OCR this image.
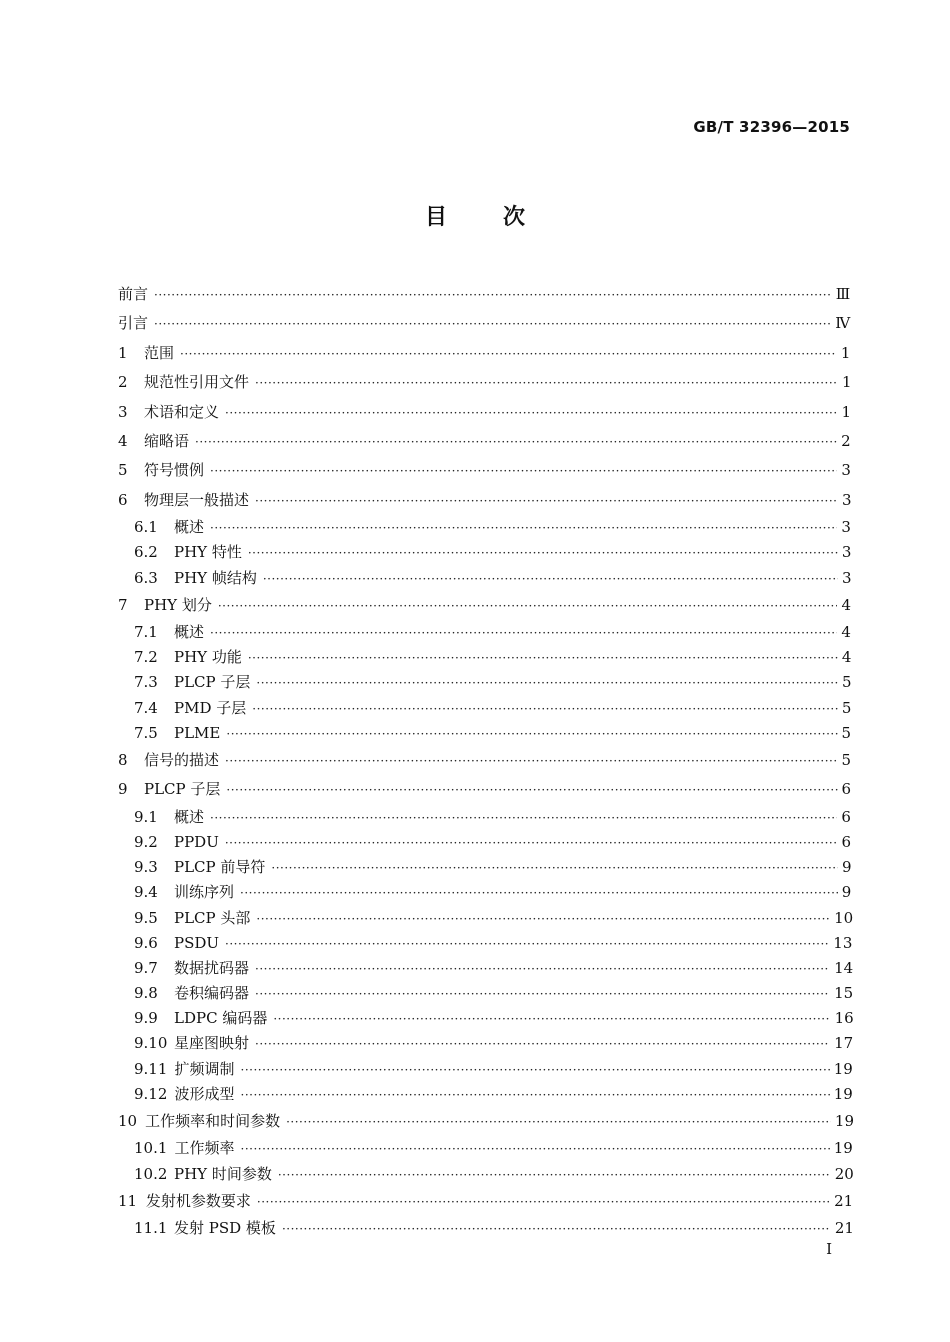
GB/T 32396—2015
目次
前言 ·····	Ⅲ
引言 ·····	Ⅳ
1 范围 ·····	1
2 规范性引用文件 ·····	1
3 术语和定义 ·····	1
4 缩略语 ·····	2
5 符号惯例 ·····	3
6 物理层一般描述 ·····	3
6.1 概述 ·····	3
6.2 PHY 特性 ·····	3
6.3 PHY 帧结构 ·····	3
7 PHY 划分 ·····	4
7.1 概述 ·····	4
7.2 PHY 功能 ·····	4
7.3 PLCP 子层 ·····	5
7.4 PMD 子层 ·····	5
7.5 PLME ·····	5
8 信号的描述 ·····	5
9 PLCP 子层 ·····	6
9.1 概述 ·····	6
9.2 PPDU ·····	6
9.3 PLCP 前导符 ·····	9
9.4 训练序列 ·····	9
9.5 PLCP 头部 ·····	10
9.6 PSDU ·····	13
9.7 数据扰码器 ·····	14
9.8 卷积编码器 ·····	15
9.9 LDPC 编码器 ·····	16
9.10 星座图映射 ·····	17
9.11 扩频调制 ·····	19
9.12 波形成型 ·····	19
10 工作频率和时间参数 ·····	19
10.1 工作频率 ·····	19
10.2 PHY 时间参数 ·····	20
11 发射机参数要求 ·····	21
11.1 发射 PSD 模板 ·····	21
I
